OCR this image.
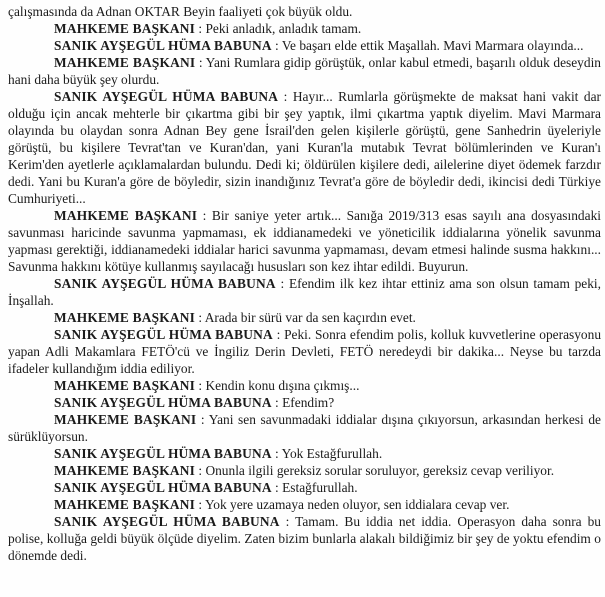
çalışmasında da Adnan OKTAR Beyin faaliyeti çok büyük oldu.

MAHKEME BAŞKANI : Peki anladık, anladık tamam.

SANIK AYŞEGÜL HÜMA BABUNA : Ve başarı elde ettik Maşallah. Mavi Marmara olayında...

MAHKEME BAŞKANI : Yani Rumlara gidip görüştük, onlar kabul etmedi, başarılı olduk deseydin hani daha büyük şey olurdu.

SANIK AYŞEGÜL HÜMA BABUNA : Hayır... Rumlarla görüşmekte de maksat hani vakit dar olduğu için ancak mehterle bir çıkartma gibi bir şey yaptık, ilmi çıkartma yaptık diyelim. Mavi Marmara olayında bu olaydan sonra Adnan Bey gene İsrail'den gelen kişilerle görüştü, gene Sanhedrin üyeleriyle görüştü, bu kişilere Tevrat'tan ve Kuran'dan, yani Kuran'la mutabık Tevrat bölümlerinden ve Kuran'ı Kerim'den ayetlerle açıklamalardan bulundu. Dedi ki; öldürülen kişilere dedi, ailelerine diyet ödemek farzdır dedi. Yani bu Kuran'a göre de böyledir, sizin inandığınız Tevrat'a göre de böyledir dedi, ikincisi dedi Türkiye Cumhuriyeti...

MAHKEME BAŞKANI : Bir saniye yeter artık... Sanığa 2019/313 esas sayılı ana dosyasındaki savunması haricinde savunma yapmaması, ek iddianamedeki ve yöneticilik iddialarına yönelik savunma yapması gerektiği, iddianamedeki iddialar harici savunma yapmaması, devam etmesi halinde susma hakkını... Savunma hakkını kötüye kullanmış sayılacağı hususları son kez ihtar edildi. Buyurun.

SANIK AYŞEGÜL HÜMA BABUNA : Efendim ilk kez ihtar ettiniz ama son olsun tamam peki, İnşallah.

MAHKEME BAŞKANI : Arada bir sürü var da sen kaçırdın evet.

SANIK AYŞEGÜL HÜMA BABUNA : Peki. Sonra efendim polis, kolluk kuvvetlerine operasyonu yapan Adli Makamlara FETÖ'cü ve İngiliz Derin Devleti, FETÖ neredeydi bir dakika... Neyse bu tarzda ifadeler kullandığım iddia ediliyor.

MAHKEME BAŞKANI : Kendin konu dışına çıkmış...

SANIK AYŞEGÜL HÜMA BABUNA : Efendim?

MAHKEME BAŞKANI : Yani sen savunmadaki iddialar dışına çıkıyorsun, arkasından herkesi de sürüklüyorsun.

SANIK AYŞEGÜL HÜMA BABUNA : Yok Estağfurullah.

MAHKEME BAŞKANI : Onunla ilgili gereksiz sorular soruluyor, gereksiz cevap veriliyor.

SANIK AYŞEGÜL HÜMA BABUNA : Estağfurullah.

MAHKEME BAŞKANI : Yok yere uzamaya neden oluyor, sen iddialara cevap ver.

SANIK AYŞEGÜL HÜMA BABUNA : Tamam. Bu iddia net iddia. Operasyon daha sonra bu polise, kolluğa geldi büyük ölçüde diyelim. Zaten bizim bunlarla alakalı bildiğimiz bir şey de yoktu efendim o dönemde dedi.
